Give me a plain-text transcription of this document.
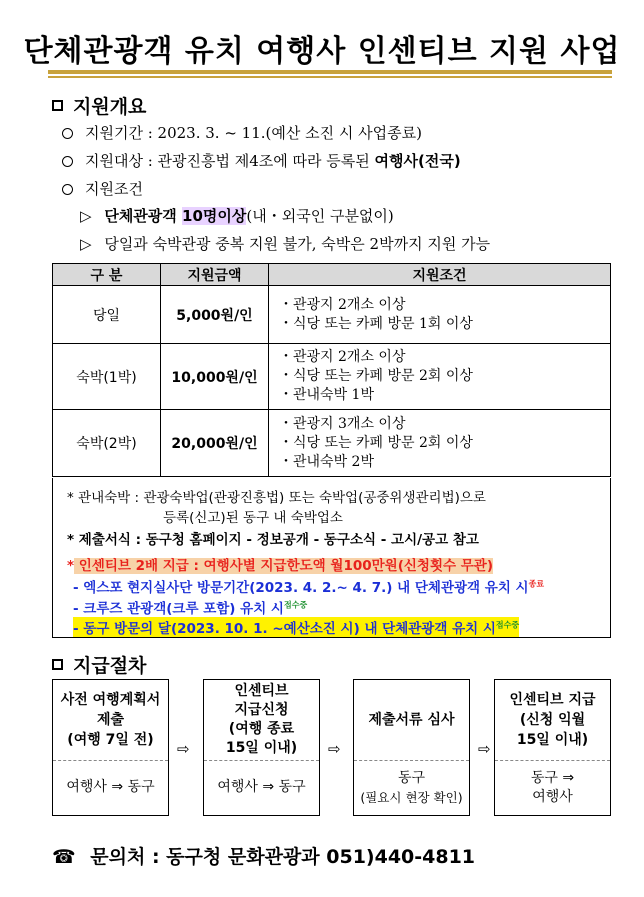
단체관광객 유치 여행사 인센티브 지원 사업
지원개요
지원기간 : 2023. 3. ~ 11.(예산 소진 시 사업종료)
지원대상 : 관광진흥법 제4조에 따라 등록된 여행사(전국)
지원조건
▷ 단체관광객 10명이상(내・외국인 구분없이)
▷ 당일과 숙박관광 중복 지원 불가, 숙박은 2박까지 지원 가능
구 분	지원금액	지원조건
당일	5,000원/인	・관광지 2개소 이상
・식당 또는 카페 방문 1회 이상

숙박(1박)	10,000원/인	・관광지 2개소 이상
・식당 또는 카페 방문 2회 이상
・관내숙박 1박

숙박(2박)	20,000원/인	・관광지 3개소 이상
・식당 또는 카페 방문 2회 이상
・관내숙박 2박
* 관내숙박 : 관광숙박업(관광진흥법) 또는 숙박업(공중위생관리법)으로
등록(신고)된 동구 내 숙박업소
* 제출서식 : 동구청 홈페이지 - 정보공개 - 동구소식 - 고시/공고 참고
* 인센티브 2배 지급 : 여행사별 지급한도액 월100만원(신청횟수 무관)
- 엑스포 현지실사단 방문기간(2023. 4. 2.~ 4. 7.) 내 단체관광객 유치 시$^{종료}$
- 크루즈 관광객(크루 포함) 유치 시$^{접수중}$
- 동구 방문의 달(2023. 10. 1. ~예산소진 시) 내 단체관광객 유치 시$^{접수중}$
지급절차
사전 여행계획서
제출
(여행 7일 전)
여행사 ⇒ 동구
⇨
인센티브
지급신청
(여행 종료
15일 이내)
여행사 ⇒ 동구
⇨
제출서류 심사
동구
(필요시 현장 확인)
⇨
인센티브 지급
(신청 익월
15일 이내)
동구 ⇒
여행사
☎ 문의처 : 동구청 문화관광과 051)440-4811
